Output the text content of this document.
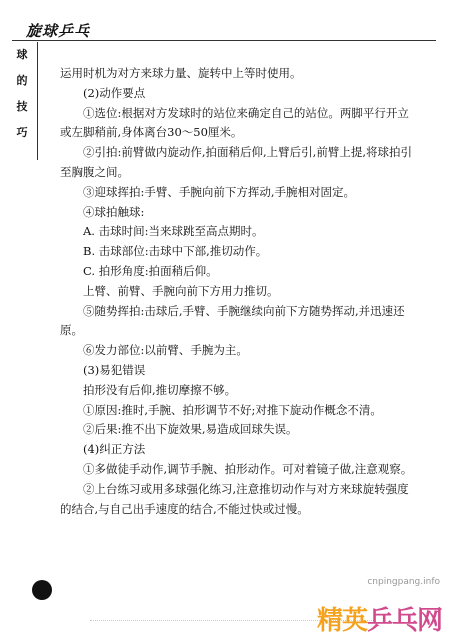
旋球乒乓
球
的
技
巧

运用时机为对方来球力量、旋转中上等时使用。

(2)动作要点

①选位:根据对方发球时的站位来确定自己的站位。两脚平行开立或左脚稍前,身体离台30～50厘米。

②引拍:前臂做内旋动作,拍面稍后仰,上臂后引,前臂上提,将球拍引至胸腹之间。

③迎球挥拍:手臂、手腕向前下方挥动,手腕相对固定。

④球拍触球:

A. 击球时间:当来球跳至高点期时。

B. 击球部位:击球中下部,推切动作。

C. 拍形角度:拍面稍后仰。

上臂、前臂、手腕向前下方用力推切。

⑤随势挥拍:击球后,手臂、手腕继续向前下方随势挥动,并迅速还原。

⑥发力部位:以前臂、手腕为主。

(3)易犯错误

拍形没有后仰,推切摩擦不够。

①原因:推时,手腕、拍形调节不好;对推下旋动作概念不清。

②后果:推不出下旋效果,易造成回球失误。

(4)纠正方法

①多做徒手动作,调节手腕、拍形动作。可对着镜子做,注意观察。

②上台练习或用多球强化练习,注意推切动作与对方来球旋转强度的结合,与自己出手速度的结合,不能过快或过慢。

cnpingpang.info
精英乒乓网
